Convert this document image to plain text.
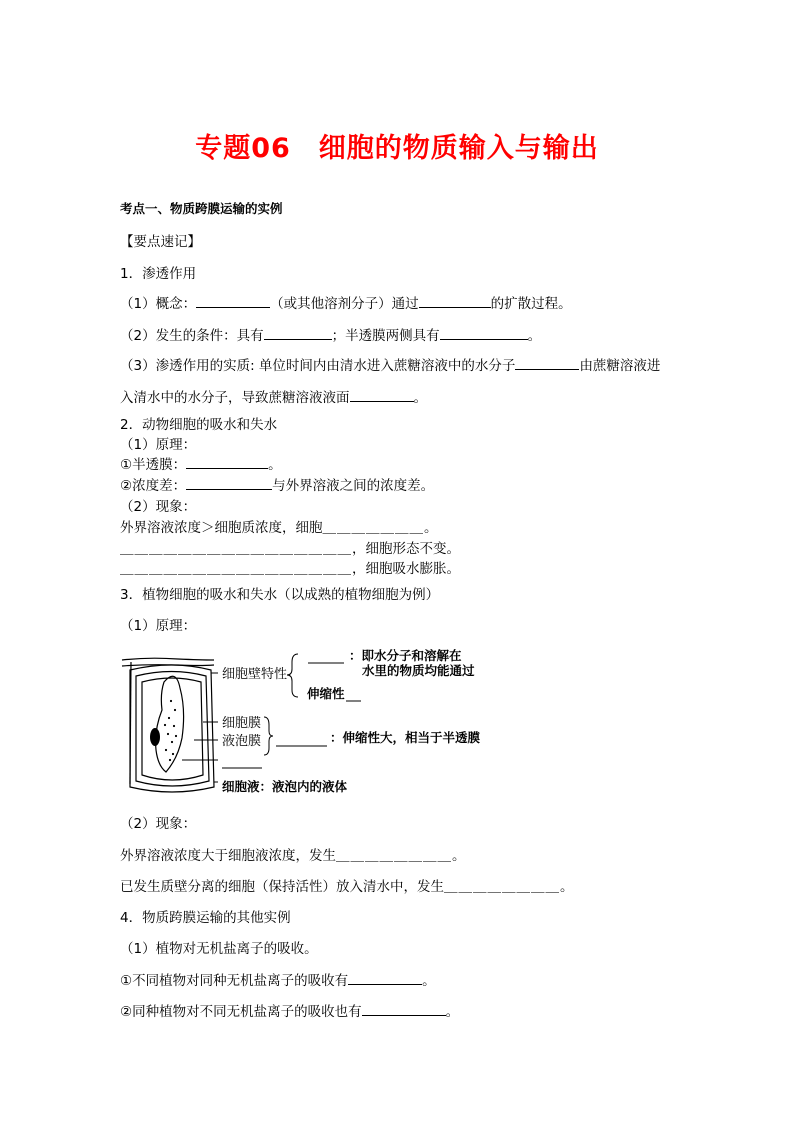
专题06　细胞的物质输入与输出
考点一、物质跨膜运输的实例
【要点速记】
1．渗透作用
（1）概念：	（或其他溶剂分子）通过	的扩散过程。
（2）发生的条件：具有	；半透膜两侧具有	。
（3）渗透作用的实质: 单位时间内由清水进入蔗糖溶液中的水分子	由蔗糖溶液进
入清水中的水分子，导致蔗糖溶液液面	。
2．动物细胞的吸水和失水
（1）原理：
①半透膜：	。
②浓度差：	与外界溶液之间的浓度差。
（2）现象：
外界溶液浓度＞细胞质浓度，细胞＿＿＿＿＿＿＿。
＿＿＿＿＿＿＿＿＿＿＿＿＿＿＿＿，细胞形态不变。
＿＿＿＿＿＿＿＿＿＿＿＿＿＿＿＿，细胞吸水膨胀。
3．植物细胞的吸水和失水（以成熟的植物细胞为例）
（1）原理：
细胞壁特性
：即水分子和溶解在
水里的物质均能通过
伸缩性
细胞膜
液泡膜	：伸缩性大，相当于半透膜
细胞液：液泡内的液体
（2）现象：
外界溶液浓度大于细胞液浓度，发生＿＿＿＿＿＿＿＿。
已发生质壁分离的细胞（保持活性）放入清水中，发生＿＿＿＿＿＿＿＿。
4．物质跨膜运输的其他实例
（1）植物对无机盐离子的吸收。
①不同植物对同种无机盐离子的吸收有	。
②同种植物对不同无机盐离子的吸收也有	。
